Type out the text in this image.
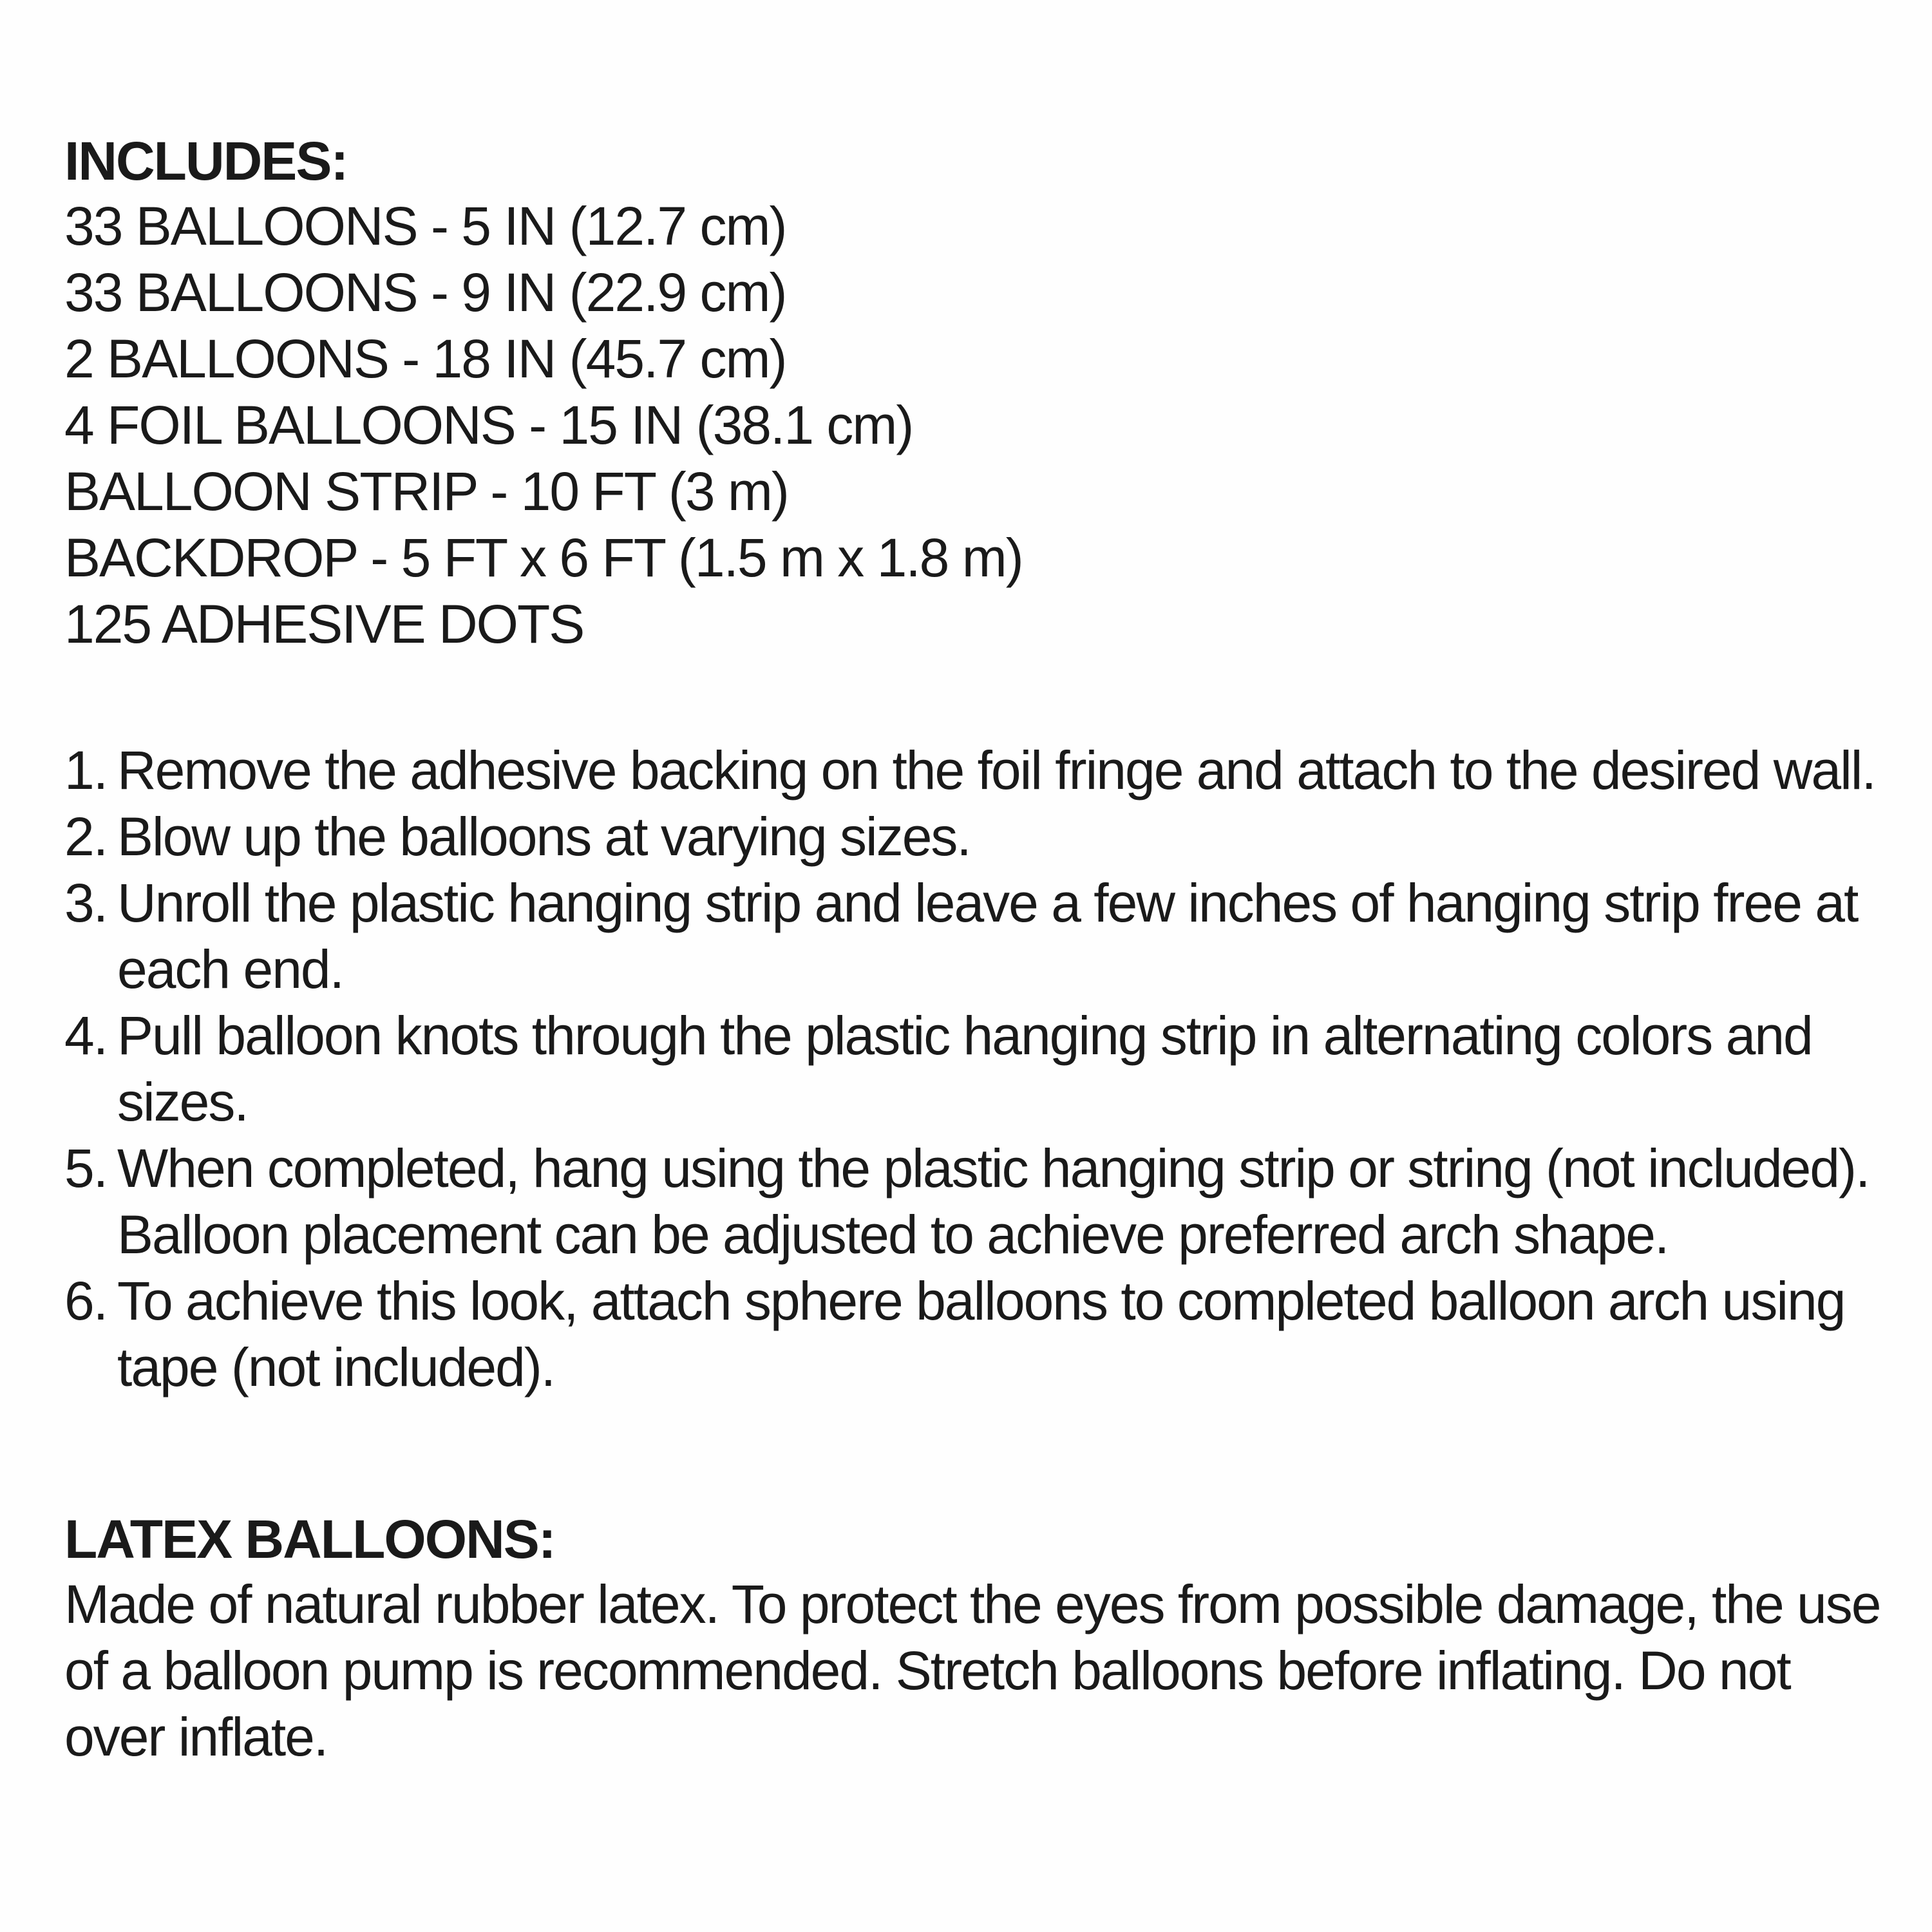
INCLUDES:
33 BALLOONS - 5 IN (12.7 cm)
33 BALLOONS - 9 IN (22.9 cm)
2 BALLOONS - 18 IN (45.7 cm)
4 FOIL BALLOONS - 15 IN (38.1 cm)
BALLOON STRIP - 10 FT (3 m)
BACKDROP - 5 FT x 6 FT (1.5 m x 1.8 m)
125 ADHESIVE DOTS
1. Remove the adhesive backing on the foil fringe and attach to the desired wall.
2. Blow up the balloons at varying sizes.
3. Unroll the plastic hanging strip and leave a few inches of hanging strip free at each end.
4. Pull balloon knots through the plastic hanging strip in alternating colors and sizes.
5. When completed, hang using the plastic hanging strip or string (not included). Balloon placement can be adjusted to achieve preferred arch shape.
6. To achieve this look, attach sphere balloons to completed balloon arch using tape (not included).
LATEX BALLOONS:

Made of natural rubber latex. To protect the eyes from possible damage, the use of a balloon pump is recommended. Stretch balloons before inflating. Do not over inflate.
